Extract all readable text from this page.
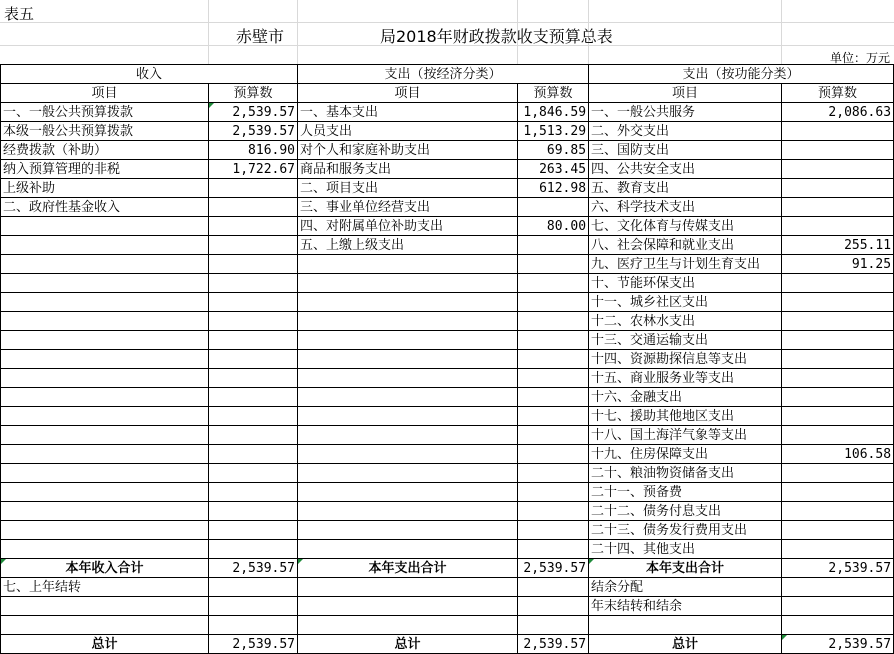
表五
赤壁市	局2018年财政拨款收支预算总表
单位：万元
收入		支出（按经济分类）		支出（按功能分类）	
项目	预算数	项目	预算数	项目	预算数
一、一般公共预算拨款	2,539.57	一、基本支出	1,846.59	一、一般公共服务	2,086.63
本级一般公共预算拨款	2,539.57	人员支出	1,513.29	二、外交支出	
经费拨款（补助）	816.90	对个人和家庭补助支出	69.85	三、国防支出	
纳入预算管理的非税	1,722.67	商品和服务支出	263.45	四、公共安全支出	
上级补助		二、项目支出	612.98	五、教育支出	
二、政府性基金收入		三、事业单位经营支出		六、科学技术支出	
		四、对附属单位补助支出	80.00	七、文化体育与传媒支出	
		五、上缴上级支出		八、社会保障和就业支出	255.11
				九、医疗卫生与计划生育支出	91.25
				十、节能环保支出	
				十一、城乡社区支出	
				十二、农林水支出	
				十三、交通运输支出	
				十四、资源勘探信息等支出	
				十五、商业服务业等支出	
				十六、金融支出	
				十七、援助其他地区支出	
				十八、国土海洋气象等支出	
				十九、住房保障支出	106.58
				二十、粮油物资储备支出	
				二十一、预备费	
				二十二、债务付息支出	
				二十三、债务发行费用支出	
				二十四、其他支出	

本年收入合计	2,539.57	本年支出合计	2,539.57	本年支出合计	2,539.57
七、上年结转				结余分配	
				年末结转和结余	

总计	2,539.57	总计	2,539.57	总计	2,539.57
